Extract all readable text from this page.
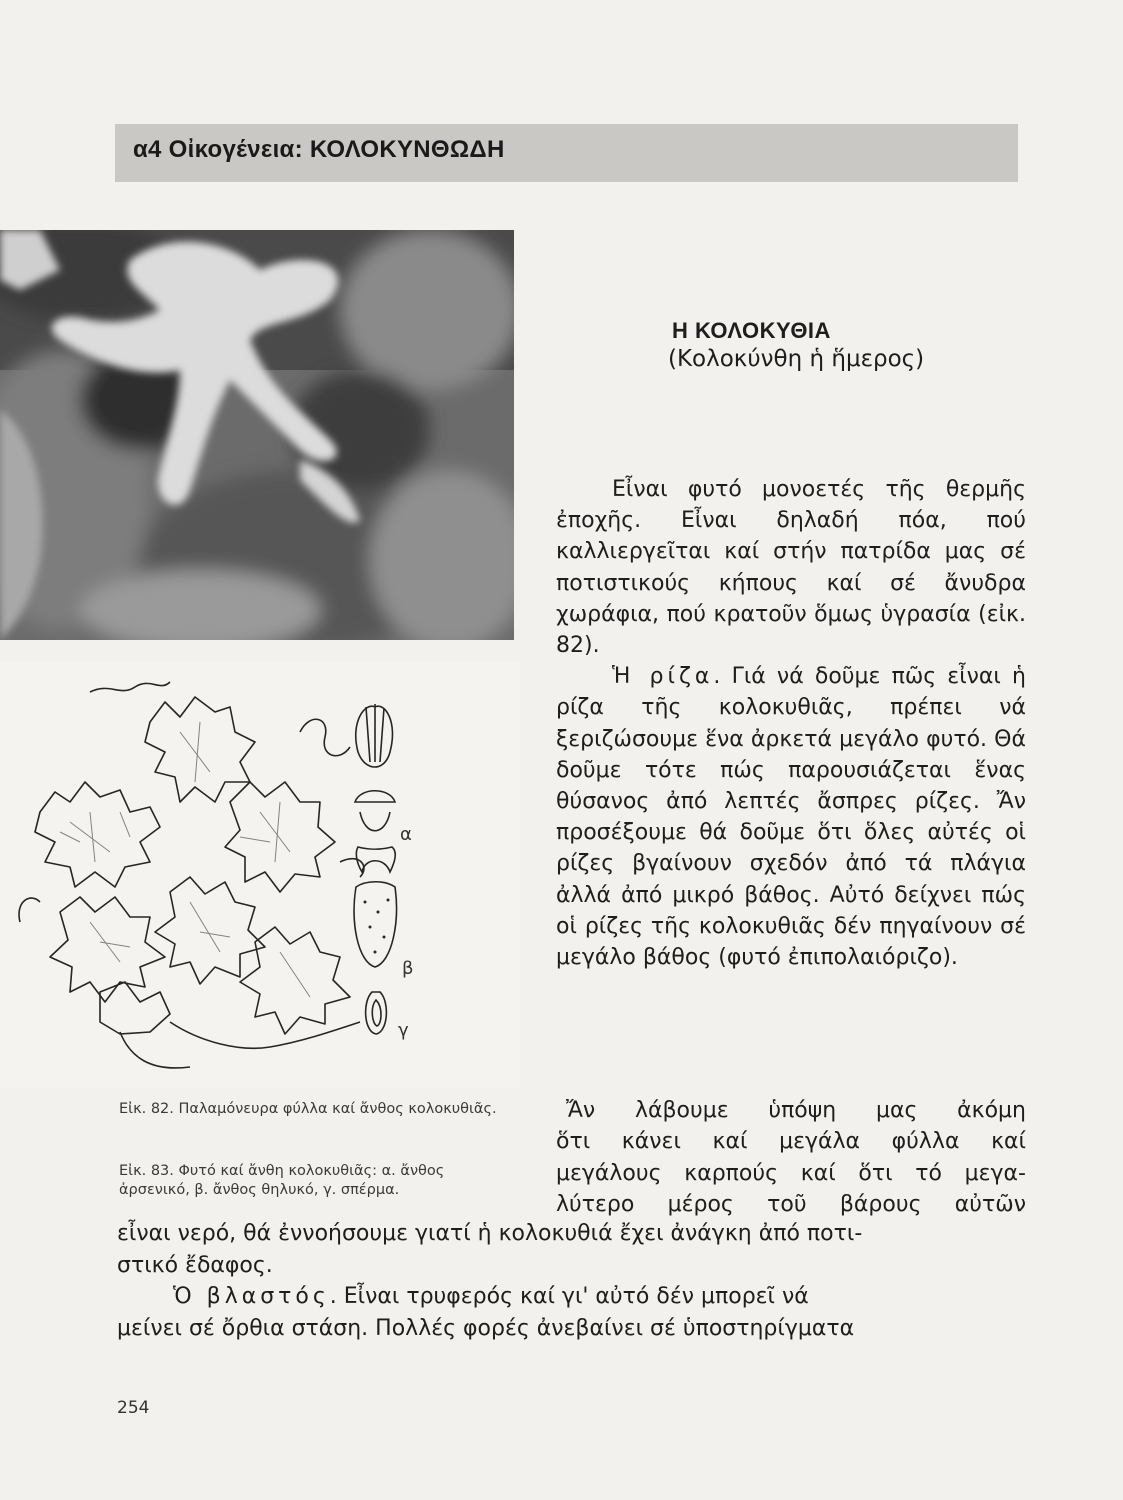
α4 Οἰκογένεια: ΚΟΛΟΚΥΝΘΩΔΗ
α
β
γ
Η ΚΟΛΟΚΥΘΙΑ
(Κολοκύνθη ἡ ἥμερος)

Εἶναι φυτό μονοετές τῆς θερμῆς ἐποχῆς. Εἶναι δηλαδή πόα, πού καλλιεργεῖται καί στήν πατρίδα μας σέ ποτιστικούς κήπους καί σέ ἄνυδρα χωράφια, πού κρατοῦν ὅμως ὑγρασία (εἰκ. 82).

Ἡ ρίζα. Γιά νά δοῦμε πῶς εἶναι ἡ ρίζα τῆς κολοκυθιᾶς, πρέπει νά ξεριζώσουμε ἕνα ἀρκετά μεγάλο φυτό. Θά δοῦμε τότε πώς παρουσιάζεται ἕνας θύσανος ἀπό λεπτές ἄσπρες ρίζες. Ἄν προσέξουμε θά δοῦμε ὅτι ὅλες αὐτές οἱ ρίζες βγαίνουν σχεδόν ἀπό τά πλάγια ἀλλά ἀπό μικρό βάθος. Αὐτό δείχνει πώς οἱ ρίζες τῆς κολοκυθιᾶς δέν πηγαίνουν σέ μεγάλο βάθος (φυτό ἐπιπολαιόριζο).

Εἰκ. 82. Παλαμόνευρα φύλλα καί ἄνθος κολοκυθιᾶς.
Εἰκ. 83. Φυτό καί ἄνθη κολοκυθιᾶς: α. ἄνθος ἀρσενικό, β. ἄνθος θηλυκό, γ. σπέρμα.
Ἄν λάβουμε ὑπόψη μας ἀκόμη
ὅτι κάνει καί μεγάλα φύλλα καί
μεγάλους καρπούς καί ὅτι τό μεγα-
λύτερο μέρος τοῦ βάρους αὐτῶν
εἶναι νερό, θά ἐννοήσουμε γιατί ἡ κολοκυθιά ἔχει ἀνάγκη ἀπό ποτι-
στικό ἔδαφος.
Ὁ βλαστός. Εἶναι τρυφερός καί γι' αὐτό δέν μπορεῖ νά
μείνει σέ ὄρθια στάση. Πολλές φορές ἀνεβαίνει σέ ὑποστηρίγματα
254
